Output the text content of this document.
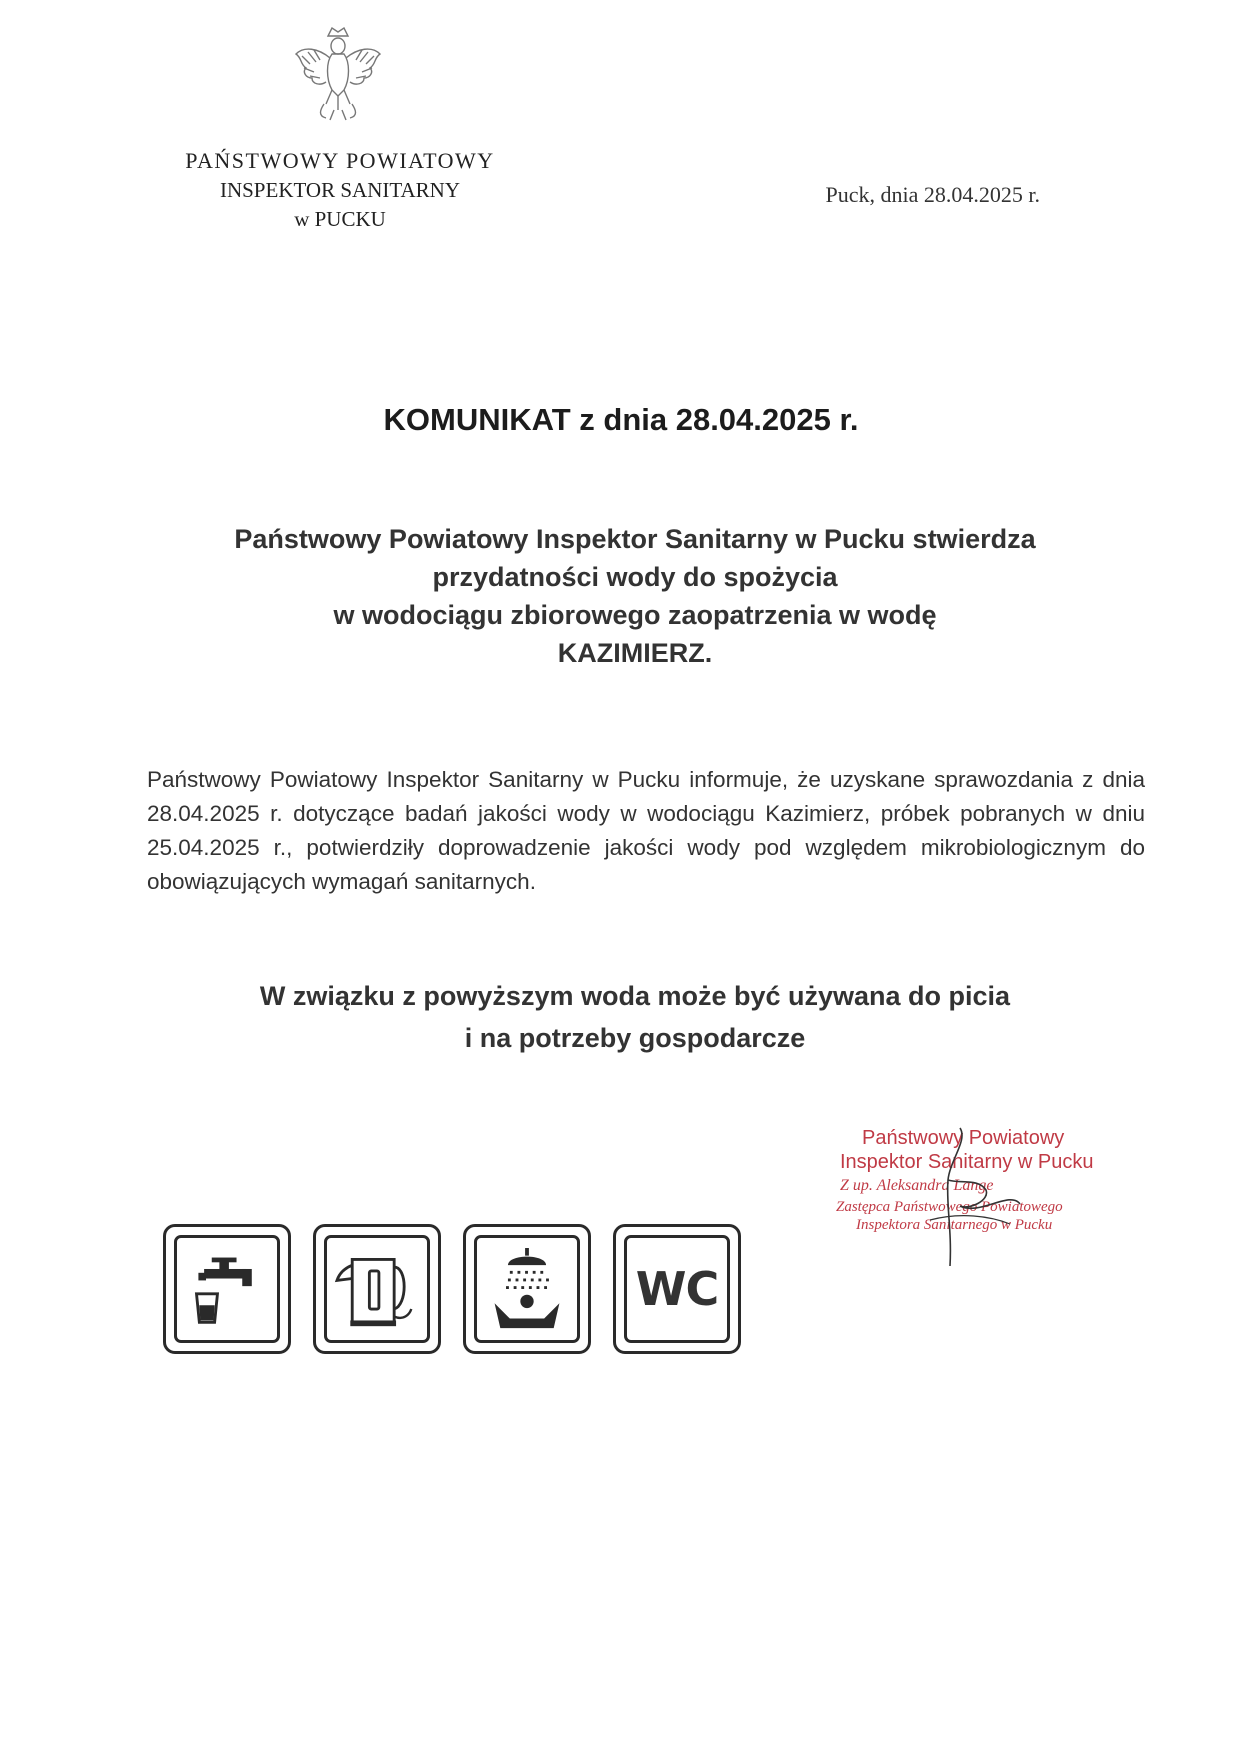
PAŃSTWOWY POWIATOWY
INSPEKTOR SANITARNY
w PUCKU
Puck, dnia 28.04.2025 r.
KOMUNIKAT z dnia 28.04.2025 r.
Państwowy Powiatowy Inspektor Sanitarny w Pucku stwierdza
przydatności wody do spożycia
w wodociągu zbiorowego zaopatrzenia w wodę
KAZIMIERZ.

Państwowy Powiatowy Inspektor Sanitarny w Pucku informuje, że uzyskane sprawozdania z dnia 28.04.2025 r. dotyczące badań jakości wody w wodociągu Kazimierz, próbek pobranych w dniu 25.04.2025 r., potwierdziły doprowadzenie jakości wody pod względem mikrobiologicznym do obowiązujących wymagań sanitarnych.

W związku z powyższym woda może być używana do picia
i na potrzeby gospodarcze
WC
Państwowy Powiatowy
Inspektor Sanitarny w Pucku
Z up. Aleksandra Lange
Zastępca Państwowego Powiatowego
Inspektora Sanitarnego w Pucku
